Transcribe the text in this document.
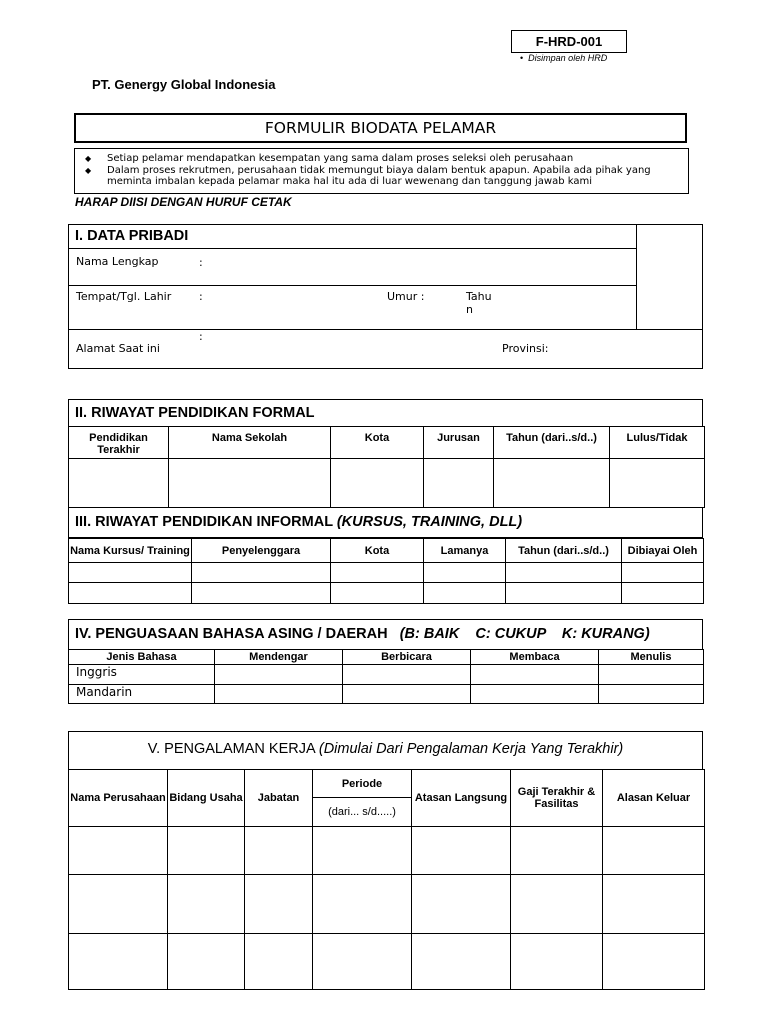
F-HRD-001
• Disimpan oleh HRD
PT. Genergy Global Indonesia
FORMULIR BIODATA PELAMAR
◆	Setiap pelamar mendapatkan kesempatan yang sama dalam proses seleksi oleh perusahaan
◆	Dalam proses rekrutmen, perusahaan tidak memungut biaya dalam bentuk apapun. Apabila ada pihak yang meminta imbalan kepada pelamar maka hal itu ada di luar wewenang dan tanggung jawab kami
HARAP DIISI DENGAN HURUF CETAK
I. DATA PRIBADI
Nama Lengkap	:
Tempat/Tgl. Lahir	:	Umur :	Tahun
:
Alamat Saat ini	Provinsi:
II. RIWAYAT PENDIDIKAN FORMAL
Pendidikan Terakhir	Nama Sekolah	Kota	Jurusan	Tahun (dari..s/d..)	Lulus/Tidak

III. RIWAYAT PENDIDIKAN INFORMAL (KURSUS, TRAINING, DLL)
Nama Kursus/ Training	Penyelenggara	Kota	Lamanya	Tahun (dari..s/d..)	Dibiayai Oleh

IV. PENGUASAAN BAHASA ASING / DAERAH (B: BAIK    C: CUKUP    K: KURANG)
Jenis Bahasa	Mendengar	Berbicara	Membaca	Menulis
Inggris				
Mandarin				
V. PENGALAMAN KERJA (Dimulai Dari Pengalaman Kerja Yang Terakhir)
Nama Perusahaan	Bidang Usaha	Jabatan	Periode	Atasan Langsung	Gaji Terakhir & Fasilitas	Alasan Keluar
			(dari... s/d.....)			
